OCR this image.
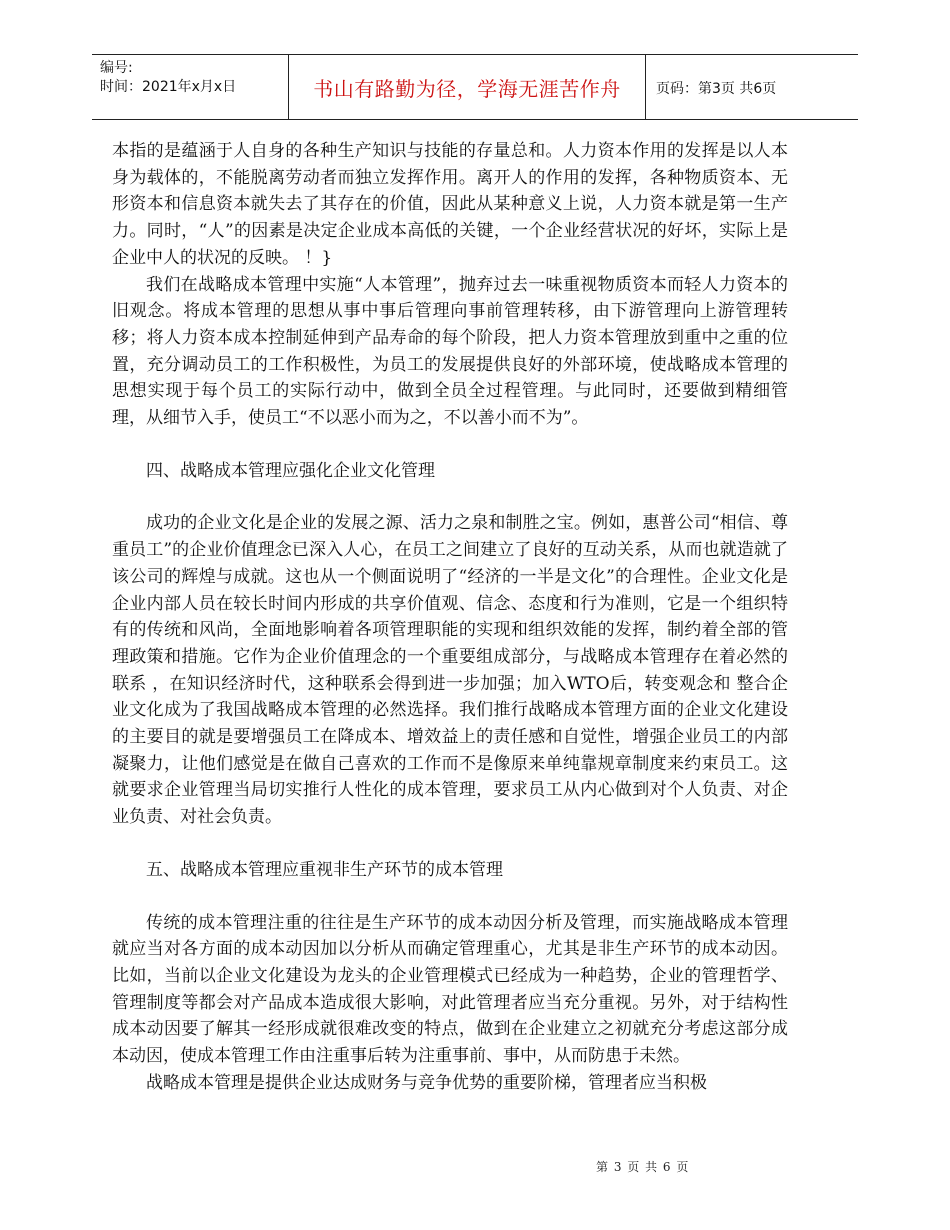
编号:
时间：2021年x月x日	书山有路勤为径，学海无涯苦作舟	页码：第3页 共6页

本指的是蕴涵于人自身的各种生产知识与技能的存量总和。人力资本作用的发挥是以人本身为载体的，不能脱离劳动者而独立发挥作用。离开人的作用的发挥，各种物质资本、无形资本和信息资本就失去了其存在的价值，因此从某种意义上说，人力资本就是第一生产力。同时，“人”的因素是决定企业成本高低的关键，一个企业经营状况的好坏，实际上是企业中人的状况的反映。 ！}

我们在战略成本管理中实施“人本管理”，抛弃过去一味重视物质资本而轻人力资本的旧观念。将成本管理的思想从事中事后管理向事前管理转移，由下游管理向上游管理转移；将人力资本成本控制延伸到产品寿命的每个阶段，把人力资本管理放到重中之重的位置，充分调动员工的工作积极性，为员工的发展提供良好的外部环境，使战略成本管理的思想实现于每个员工的实际行动中，做到全员全过程管理。与此同时，还要做到精细管理，从细节入手，使员工“不以恶小而为之，不以善小而不为”。

四、战略成本管理应强化企业文化管理

成功的企业文化是企业的发展之源、活力之泉和制胜之宝。例如，惠普公司“相信、尊重员工”的企业价值理念已深入人心，在员工之间建立了良好的互动关系，从而也就造就了该公司的辉煌与成就。这也从一个侧面说明了“经济的一半是文化”的合理性。企业文化是企业内部人员在较长时间内形成的共享价值观、信念、态度和行为准则，它是一个组织特有的传统和风尚，全面地影响着各项管理职能的实现和组织效能的发挥，制约着全部的管理政策和措施。它作为企业价值理念的一个重要组成部分，与战略成本管理存在着必然的联系 ，在知识经济时代，这种联系会得到进一步加强；加入WTO后，转变观念和 整合企业文化成为了我国战略成本管理的必然选择。我们推行战略成本管理方面的企业文化建设的主要目的就是要增强员工在降成本、增效益上的责任感和自觉性，增强企业员工的内部凝聚力，让他们感觉是在做自己喜欢的工作而不是像原来单纯靠规章制度来约束员工。这就要求企业管理当局切实推行人性化的成本管理，要求员工从内心做到对个人负责、对企业负责、对社会负责。

五、战略成本管理应重视非生产环节的成本管理

传统的成本管理注重的往往是生产环节的成本动因分析及管理，而实施战略成本管理就应当对各方面的成本动因加以分析从而确定管理重心，尤其是非生产环节的成本动因。比如，当前以企业文化建设为龙头的企业管理模式已经成为一种趋势，企业的管理哲学、管理制度等都会对产品成本造成很大影响，对此管理者应当充分重视。另外，对于结构性成本动因要了解其一经形成就很难改变的特点，做到在企业建立之初就充分考虑这部分成本动因，使成本管理工作由注重事后转为注重事前、事中，从而防患于未然。

战略成本管理是提供企业达成财务与竞争优势的重要阶梯，管理者应当积极

第 3 页 共 6 页
